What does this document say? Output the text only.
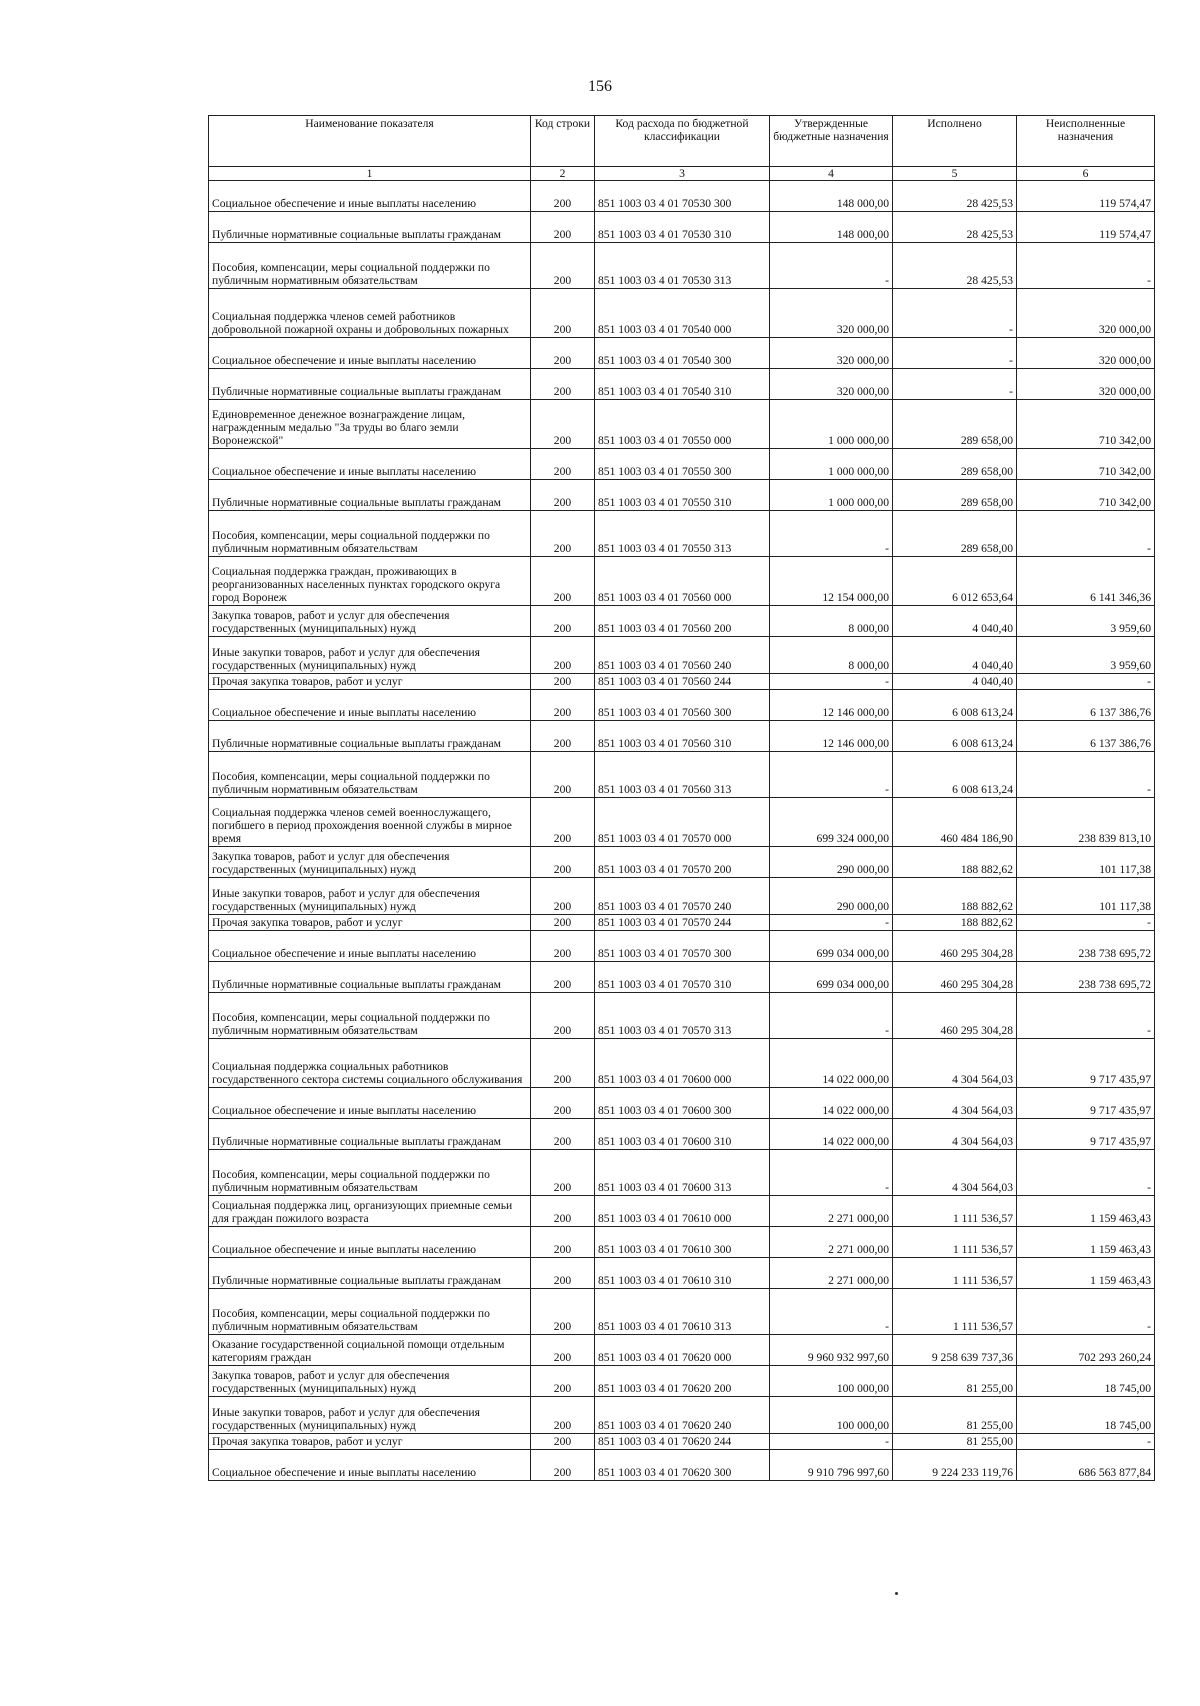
156
Наименование показателя	Код строки	Код расхода по бюджетной классификации	Утвержденные бюджетные назначения	Исполнено	Неисполненные назначения
1	2	3	4	5	6
Социальное обеспечение и иные выплаты населению	200	851 1003 03 4 01 70530 300	148 000,00	28 425,53	119 574,47
Публичные нормативные социальные выплаты гражданам	200	851 1003 03 4 01 70530 310	148 000,00	28 425,53	119 574,47
Пособия, компенсации, меры социальной поддержки по публичным нормативным обязательствам	200	851 1003 03 4 01 70530 313	-	28 425,53	-
Социальная поддержка членов семей работников добровольной пожарной охраны и добровольных пожарных	200	851 1003 03 4 01 70540 000	320 000,00	-	320 000,00
Социальное обеспечение и иные выплаты населению	200	851 1003 03 4 01 70540 300	320 000,00	-	320 000,00
Публичные нормативные социальные выплаты гражданам	200	851 1003 03 4 01 70540 310	320 000,00	-	320 000,00
Единовременное денежное вознаграждение лицам, награжденным медалью "За труды во благо земли Воронежской"	200	851 1003 03 4 01 70550 000	1 000 000,00	289 658,00	710 342,00
Социальное обеспечение и иные выплаты населению	200	851 1003 03 4 01 70550 300	1 000 000,00	289 658,00	710 342,00
Публичные нормативные социальные выплаты гражданам	200	851 1003 03 4 01 70550 310	1 000 000,00	289 658,00	710 342,00
Пособия, компенсации, меры социальной поддержки по публичным нормативным обязательствам	200	851 1003 03 4 01 70550 313	-	289 658,00	-
Социальная поддержка граждан, проживающих в реорганизованных населенных пунктах городского округа город Воронеж	200	851 1003 03 4 01 70560 000	12 154 000,00	6 012 653,64	6 141 346,36
Закупка товаров, работ и услуг для обеспечения государственных (муниципальных) нужд	200	851 1003 03 4 01 70560 200	8 000,00	4 040,40	3 959,60
Иные закупки товаров, работ и услуг для обеспечения государственных (муниципальных) нужд	200	851 1003 03 4 01 70560 240	8 000,00	4 040,40	3 959,60
Прочая закупка товаров, работ и услуг	200	851 1003 03 4 01 70560 244	-	4 040,40	-
Социальное обеспечение и иные выплаты населению	200	851 1003 03 4 01 70560 300	12 146 000,00	6 008 613,24	6 137 386,76
Публичные нормативные социальные выплаты гражданам	200	851 1003 03 4 01 70560 310	12 146 000,00	6 008 613,24	6 137 386,76
Пособия, компенсации, меры социальной поддержки по публичным нормативным обязательствам	200	851 1003 03 4 01 70560 313	-	6 008 613,24	-
Социальная поддержка членов семей военнослужащего, погибшего в период прохождения военной службы в мирное время	200	851 1003 03 4 01 70570 000	699 324 000,00	460 484 186,90	238 839 813,10
Закупка товаров, работ и услуг для обеспечения государственных (муниципальных) нужд	200	851 1003 03 4 01 70570 200	290 000,00	188 882,62	101 117,38
Иные закупки товаров, работ и услуг для обеспечения государственных (муниципальных) нужд	200	851 1003 03 4 01 70570 240	290 000,00	188 882,62	101 117,38
Прочая закупка товаров, работ и услуг	200	851 1003 03 4 01 70570 244	-	188 882,62	-
Социальное обеспечение и иные выплаты населению	200	851 1003 03 4 01 70570 300	699 034 000,00	460 295 304,28	238 738 695,72
Публичные нормативные социальные выплаты гражданам	200	851 1003 03 4 01 70570 310	699 034 000,00	460 295 304,28	238 738 695,72
Пособия, компенсации, меры социальной поддержки по публичным нормативным обязательствам	200	851 1003 03 4 01 70570 313	-	460 295 304,28	-
Социальная поддержка социальных работников государственного сектора системы социального обслуживания	200	851 1003 03 4 01 70600 000	14 022 000,00	4 304 564,03	9 717 435,97
Социальное обеспечение и иные выплаты населению	200	851 1003 03 4 01 70600 300	14 022 000,00	4 304 564,03	9 717 435,97
Публичные нормативные социальные выплаты гражданам	200	851 1003 03 4 01 70600 310	14 022 000,00	4 304 564,03	9 717 435,97
Пособия, компенсации, меры социальной поддержки по публичным нормативным обязательствам	200	851 1003 03 4 01 70600 313	-	4 304 564,03	-
Социальная поддержка лиц, организующих приемные семьи для граждан пожилого возраста	200	851 1003 03 4 01 70610 000	2 271 000,00	1 111 536,57	1 159 463,43
Социальное обеспечение и иные выплаты населению	200	851 1003 03 4 01 70610 300	2 271 000,00	1 111 536,57	1 159 463,43
Публичные нормативные социальные выплаты гражданам	200	851 1003 03 4 01 70610 310	2 271 000,00	1 111 536,57	1 159 463,43
Пособия, компенсации, меры социальной поддержки по публичным нормативным обязательствам	200	851 1003 03 4 01 70610 313	-	1 111 536,57	-
Оказание государственной социальной помощи отдельным категориям граждан	200	851 1003 03 4 01 70620 000	9 960 932 997,60	9 258 639 737,36	702 293 260,24
Закупка товаров, работ и услуг для обеспечения государственных (муниципальных) нужд	200	851 1003 03 4 01 70620 200	100 000,00	81 255,00	18 745,00
Иные закупки товаров, работ и услуг для обеспечения государственных (муниципальных) нужд	200	851 1003 03 4 01 70620 240	100 000,00	81 255,00	18 745,00
Прочая закупка товаров, работ и услуг	200	851 1003 03 4 01 70620 244	-	81 255,00	-
Социальное обеспечение и иные выплаты населению	200	851 1003 03 4 01 70620 300	9 910 796 997,60	9 224 233 119,76	686 563 877,84
